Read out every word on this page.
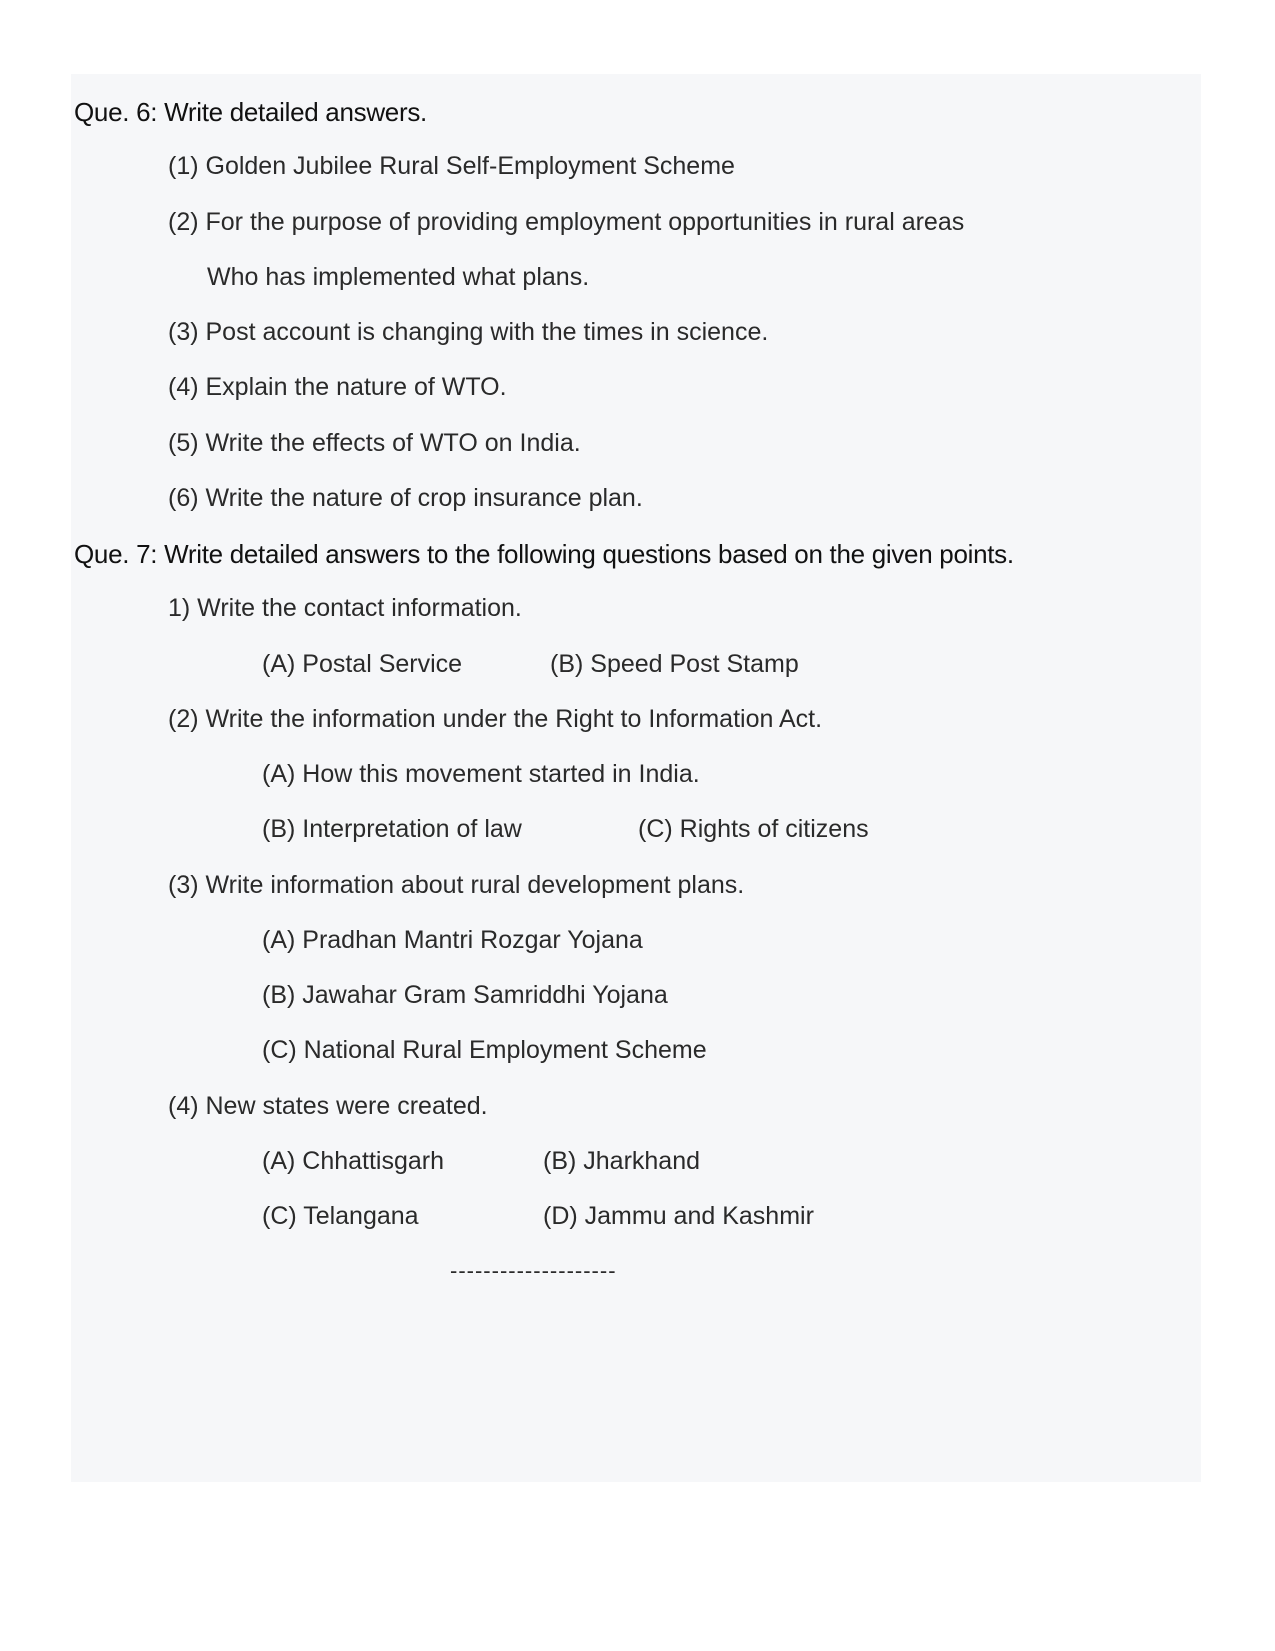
Que. 6: Write detailed answers.
(1) Golden Jubilee Rural Self-Employment Scheme
(2) For the purpose of providing employment opportunities in rural areas
Who has implemented what plans.
(3) Post account is changing with the times in science.
(4) Explain the nature of WTO.
(5) Write the effects of WTO on India.
(6) Write the nature of crop insurance plan.
Que. 7: Write detailed answers to the following questions based on the given points.
1) Write the contact information.
(A) Postal Service	(B) Speed Post Stamp
(2) Write the information under the Right to Information Act.
(A) How this movement started in India.
(B) Interpretation of law	(C) Rights of citizens
(3) Write information about rural development plans.
(A) Pradhan Mantri Rozgar Yojana
(B) Jawahar Gram Samriddhi Yojana
(C) National Rural Employment Scheme
(4) New states were created.
(A) Chhattisgarh	(B) Jharkhand
(C) Telangana	(D) Jammu and Kashmir
--------------------
